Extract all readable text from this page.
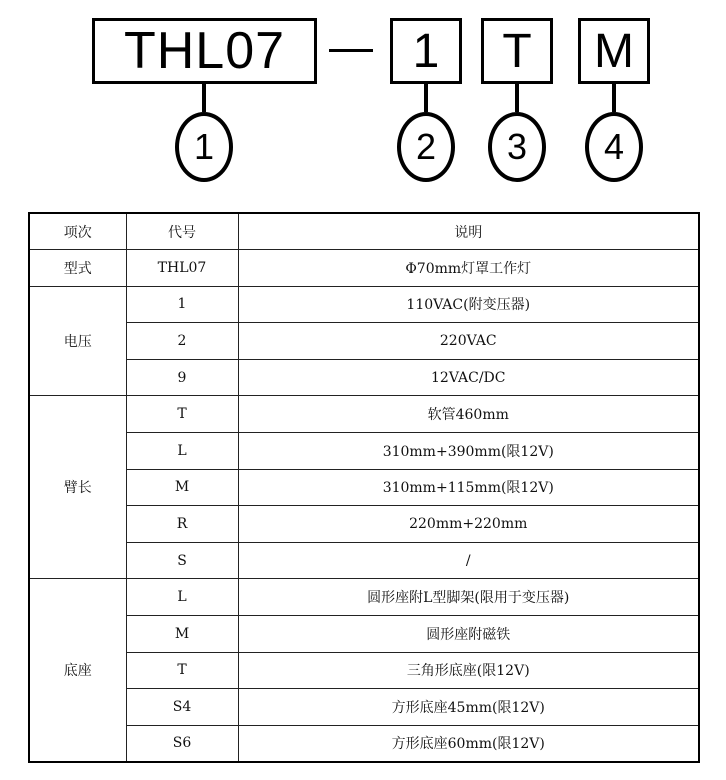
THL07	1 T M
1	2 3 4
项次	代号	说明
型式	THL07	Φ70mm灯罩工作灯
电压	1	110VAC(附变压器)
	2	220VAC
	9	12VAC/DC
臂长	T	软管460mm
	L	310mm+390mm(限12V)
	M	310mm+115mm(限12V)
	R	220mm+220mm
	S	/
底座	L	圆形座附L型脚架(限用于变压器)
	M	圆形座附磁铁
	T	三角形底座(限12V)
	S4	方形底座45mm(限12V)
	S6	方形底座60mm(限12V)
